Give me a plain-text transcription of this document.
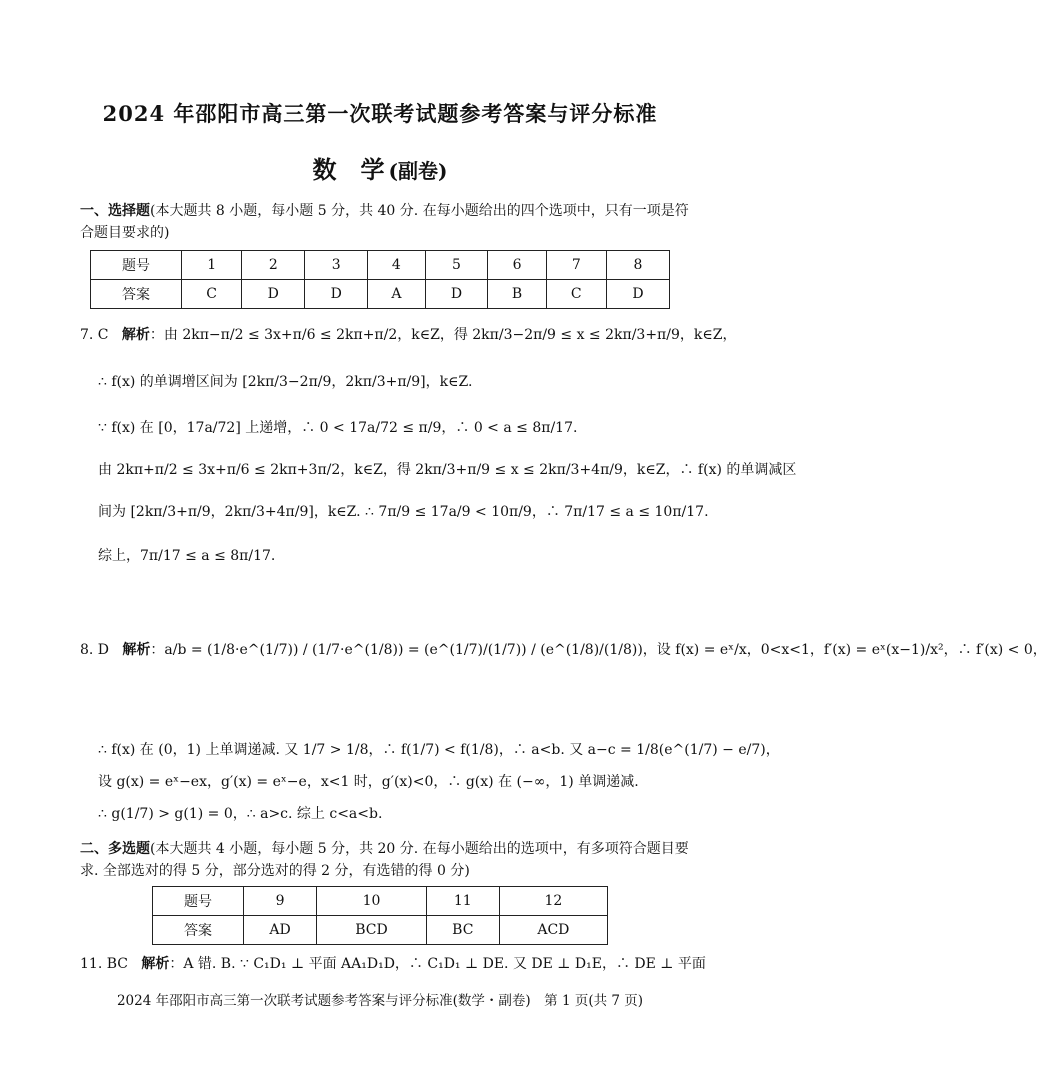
2024 年邵阳市高三第一次联考试题参考答案与评分标准
数　学 (副卷)
一、选择题(本大题共 8 小题，每小题 5 分，共 40 分. 在每小题给出的四个选项中，只有一项是符合题目要求的)
题号	1	2	3	4	5	6	7	8
答案	C	D	D	A	D	B	C	D
7. C 解析：由 2kπ−π/2 ≤ 3x+π/6 ≤ 2kπ+π/2，k∈Z，得 2kπ/3−2π/9 ≤ x ≤ 2kπ/3+π/9，k∈Z，
∴ f(x) 的单调增区间为 [2kπ/3−2π/9，2kπ/3+π/9]，k∈Z.
∵ f(x) 在 [0，17a/72] 上递增，∴ 0 < 17a/72 ≤ π/9，∴ 0 < a ≤ 8π/17.
由 2kπ+π/2 ≤ 3x+π/6 ≤ 2kπ+3π/2，k∈Z，得 2kπ/3+π/9 ≤ x ≤ 2kπ/3+4π/9，k∈Z，∴ f(x) 的单调减区
间为 [2kπ/3+π/9，2kπ/3+4π/9]，k∈Z. ∴ 7π/9 ≤ 17a/9 < 10π/9，∴ 7π/17 ≤ a ≤ 10π/17.
综上，7π/17 ≤ a ≤ 8π/17.
8. D 解析：a/b = (1/8·e^(1/7)) / (1/7·e^(1/8)) = (e^(1/7)/(1/7)) / (e^(1/8)/(1/8))，设 f(x) = eˣ/x，0<x<1，f′(x) = eˣ(x−1)/x²，∴ f′(x) < 0，
∴ f(x) 在 (0，1) 上单调递减. 又 1/7 > 1/8，∴ f(1/7) < f(1/8)，∴ a<b. 又 a−c = 1/8(e^(1/7) − e/7)，
设 g(x) = eˣ−ex，g′(x) = eˣ−e，x<1 时，g′(x)<0，∴ g(x) 在 (−∞，1) 单调递减.
∴ g(1/7) > g(1) = 0，∴ a>c. 综上 c<a<b.
二、多选题(本大题共 4 小题，每小题 5 分，共 20 分. 在每小题给出的选项中，有多项符合题目要求. 全部选对的得 5 分，部分选对的得 2 分，有选错的得 0 分)
题号	9	10	11	12
答案	AD	BCD	BC	ACD
11. BC 解析：A 错. B. ∵ C₁D₁ ⊥ 平面 AA₁D₁D，∴ C₁D₁ ⊥ DE. 又 DE ⊥ D₁E，∴ DE ⊥ 平面
2024 年邵阳市高三第一次联考试题参考答案与评分标准(数学・副卷)　第 1 页(共 7 页)
